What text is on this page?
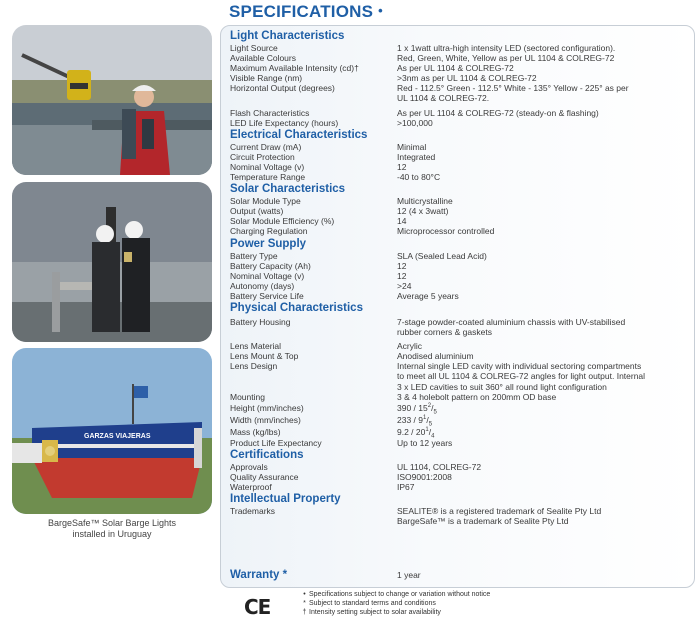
GARZAS VIAJERAS
BargeSafe™ Solar Barge Lights
installed in Uruguay
SPECIFICATIONS •
Light Characteristics
Light Source	1 x 1watt ultra-high intensity LED (sectored configuration).
Available Colours	Red, Green, White, Yellow as per UL 1104 & COLREG-72
Maximum Available Intensity (cd)†	As per UL 1104 & COLREG-72
Visible Range (nm)	>3nm as per UL 1104 & COLREG-72
Horizontal Output (degrees)	Red - 112.5° Green - 112.5° White - 135° Yellow - 225° as per
UL 1104 & COLREG-72.
Flash Characteristics	As per UL 1104 & COLREG-72 (steady-on & flashing)
LED Life Expectancy (hours)	>100,000
Electrical Characteristics
Current Draw (mA)	Minimal
Circuit Protection	Integrated
Nominal Voltage (v)	12
Temperature Range	-40 to 80°C
Solar Characteristics
Solar Module Type	Multicrystalline
Output (watts)	12 (4 x 3watt)
Solar Module Efficiency (%)	14
Charging Regulation	Microprocessor controlled
Power Supply
Battery Type	SLA (Sealed Lead Acid)
Battery Capacity (Ah)	12
Nominal Voltage (v)	12
Autonomy (days)	>24
Battery Service Life	Average 5 years
Physical Characteristics
Battery Housing	7-stage powder-coated aluminium chassis with UV-stabilised
rubber corners & gaskets
Lens Material	Acrylic
Lens Mount & Top	Anodised aluminium
Lens Design	Internal single LED cavity with individual sectoring compartments
to meet all UL 1104 & COLREG-72 angles for light output. Internal
3 x LED cavities to suit 360° all round light configuration
Mounting	3 & 4 holebolt pattern on 200mm OD base
Height (mm/inches)	$390 / 15^2/_5$
Width (mm/inches)	$233 / 9^1/_5$
Mass (kg/lbs)	$9.2 / 20^1/_4$
Product Life Expectancy	Up to 12 years
Certifications
Approvals	UL 1104, COLREG-72
Quality Assurance	ISO9001:2008
Waterproof	IP67
Intellectual Property
Trademarks	SEALITE® is a registered trademark of Sealite Pty Ltd
BargeSafe™ is a trademark of Sealite Pty Ltd
Warranty *	1 year
CE
• Specifications subject to change or variation without notice
* Subject to standard terms and conditions
† Intensity setting subject to solar availability
